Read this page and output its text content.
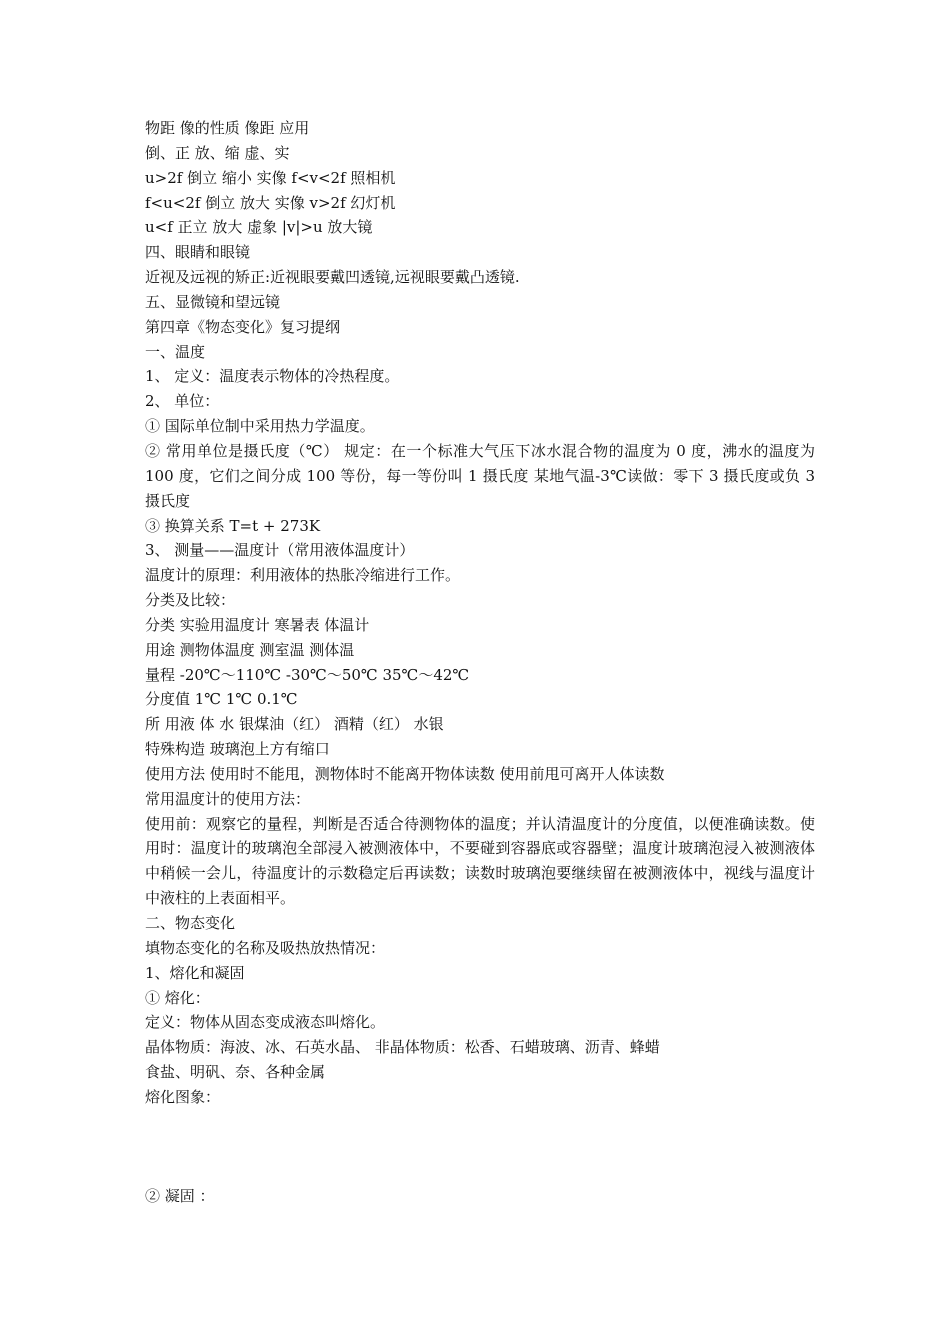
物距 像的性质 像距 应用
倒、正 放、缩 虚、实
u>2f 倒立 缩小 实像 f<v<2f 照相机
f<u<2f 倒立 放大 实像 v>2f 幻灯机
u<f 正立 放大 虚象 |v|>u 放大镜
四、眼睛和眼镜
近视及远视的矫正:近视眼要戴凹透镜,远视眼要戴凸透镜.
五、显微镜和望远镜
第四章《物态变化》复习提纲
一、温度
1、 定义：温度表示物体的冷热程度。
2、 单位：
① 国际单位制中采用热力学温度。
② 常用单位是摄氏度（℃） 规定：在一个标准大气压下冰水混合物的温度为 0 度，沸水的温度为 100 度，它们之间分成 100 等份，每一等份叫 1 摄氏度 某地气温-3℃读做：零下 3 摄氏度或负 3 摄氏度
③ 换算关系 T=t + 273K
3、 测量——温度计（常用液体温度计）
温度计的原理：利用液体的热胀冷缩进行工作。
分类及比较：
分类 实验用温度计 寒暑表 体温计
用途 测物体温度 测室温 测体温
量程 -20℃～110℃ -30℃～50℃ 35℃～42℃
分度值 1℃ 1℃ 0.1℃
所 用液 体 水 银煤油（红） 酒精（红） 水银
特殊构造 玻璃泡上方有缩口
使用方法 使用时不能甩，测物体时不能离开物体读数 使用前甩可离开人体读数
常用温度计的使用方法：
使用前：观察它的量程，判断是否适合待测物体的温度；并认清温度计的分度值，以便准确读数。使用时：温度计的玻璃泡全部浸入被测液体中，不要碰到容器底或容器壁；温度计玻璃泡浸入被测液体中稍候一会儿，待温度计的示数稳定后再读数；读数时玻璃泡要继续留在被测液体中，视线与温度计中液柱的上表面相平。
二、物态变化
填物态变化的名称及吸热放热情况：
1、熔化和凝固
① 熔化：
定义：物体从固态变成液态叫熔化。
晶体物质：海波、冰、石英水晶、 非晶体物质：松香、石蜡玻璃、沥青、蜂蜡
食盐、明矾、奈、各种金属
熔化图象：
② 凝固 ：
